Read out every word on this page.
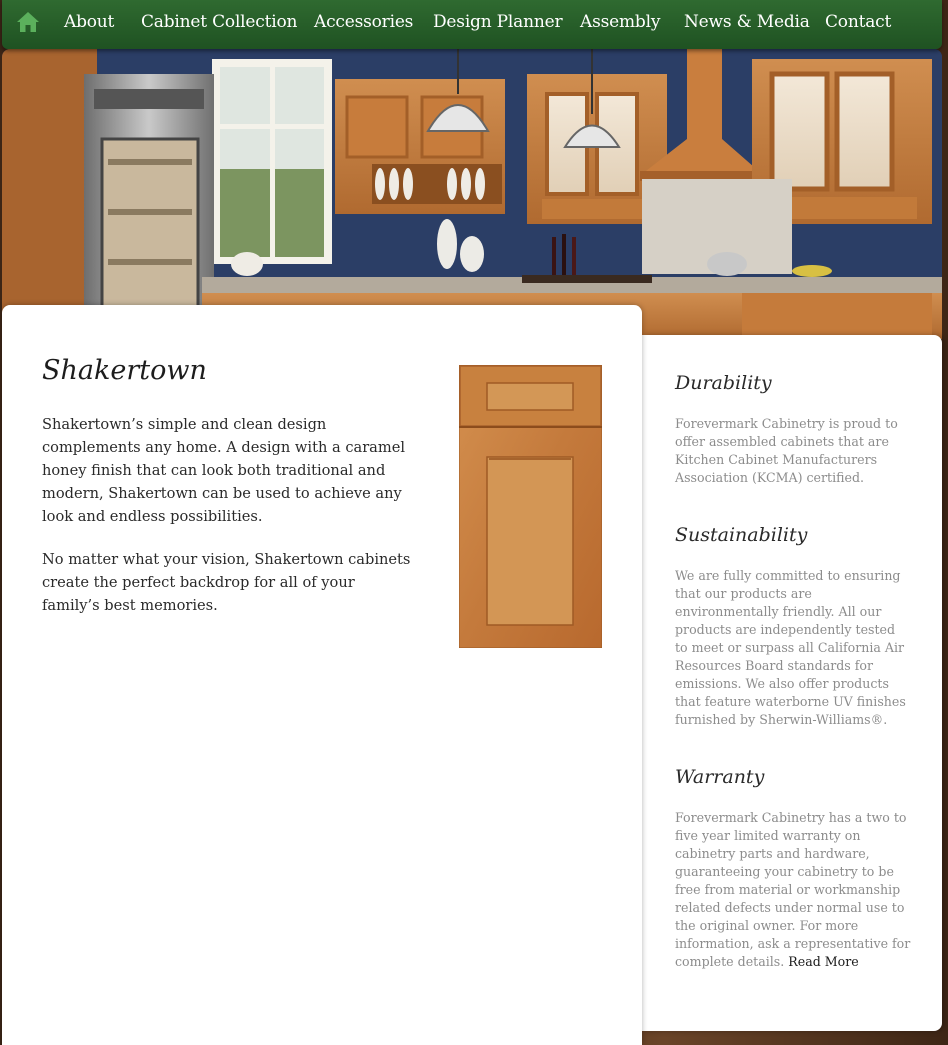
About Cabinet Collection Accessories Design Planner Assembly News & Media Contact
Shakertown

Shakertown’s simple and clean design complements any home. A design with a caramel honey finish that can look both traditional and modern, Shakertown can be used to achieve any look and endless possibilities.

No matter what your vision, Shakertown cabinets create the perfect backdrop for all of your family’s best memories.

Durability

Forevermark Cabinetry is proud to offer assembled cabinets that are Kitchen Cabinet Manufacturers Association (KCMA) certified.

Sustainability

We are fully committed to ensuring that our products are environmentally friendly. All our products are independently tested to meet or surpass all California Air Resources Board standards for emissions. We also offer products that feature waterborne UV finishes furnished by Sherwin-Williams®.

Warranty

Forevermark Cabinetry has a two to five year limited warranty on cabinetry parts and hardware, guaranteeing your cabinetry to be free from material or workmanship related defects under normal use to the original owner. For more information, ask a representative for complete details. Read More
